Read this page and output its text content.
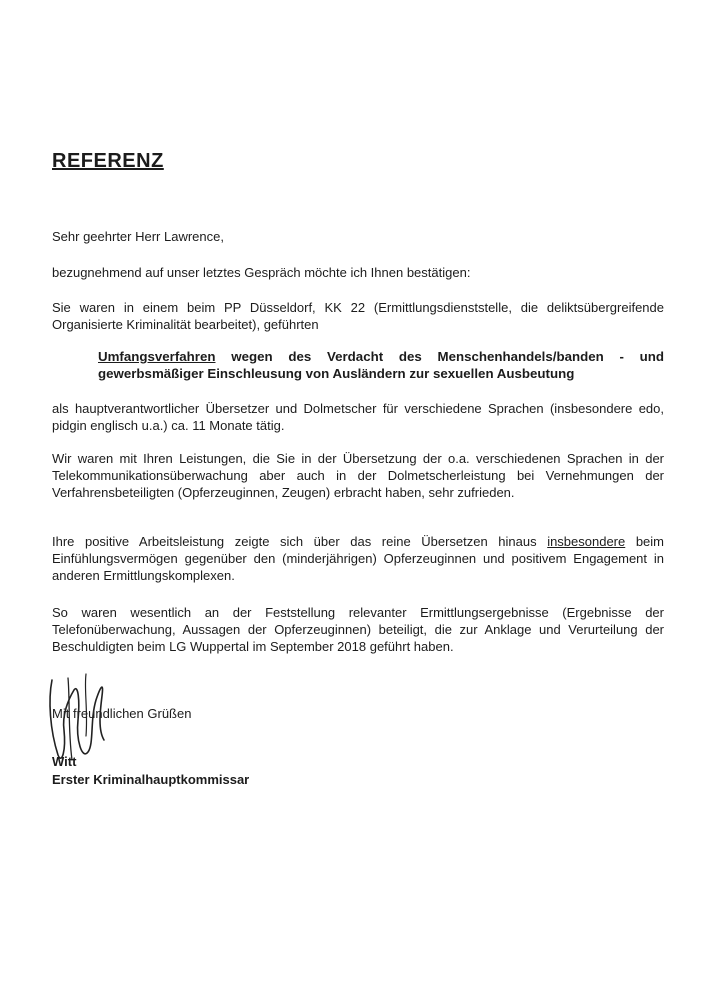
REFERENZ
Sehr geehrter Herr Lawrence,
bezugnehmend auf unser letztes Gespräch möchte ich Ihnen bestätigen:
Sie waren in einem beim PP Düsseldorf, KK 22 (Ermittlungsdienststelle, die deliktsübergreifende Organisierte Kriminalität bearbeitet), geführten
Umfangsverfahren wegen des Verdacht des Menschenhandels/banden - und gewerbsmäßiger Einschleusung von Ausländern zur sexuellen Ausbeutung
als hauptverantwortlicher Übersetzer und Dolmetscher für verschiedene Sprachen (insbesondere edo, pidgin englisch u.a.) ca. 11 Monate tätig.
Wir waren mit Ihren Leistungen, die Sie in der Übersetzung der o.a. verschiedenen Sprachen in der Telekommunikationsüberwachung aber auch in der Dolmetscherleistung bei Vernehmungen der Verfahrensbeteiligten (Opferzeuginnen, Zeugen) erbracht haben, sehr zufrieden.
Ihre positive Arbeitsleistung zeigte sich über das reine Übersetzen hinaus insbesondere beim Einfühlungsvermögen gegenüber den (minderjährigen) Opferzeuginnen und positivem Engagement in anderen Ermittlungskomplexen.
So waren wesentlich an der Feststellung relevanter Ermittlungsergebnisse (Ergebnisse der Telefonüberwachung, Aussagen der Opferzeuginnen) beteiligt, die zur Anklage und Verurteilung der Beschuldigten beim LG Wuppertal im September 2018 geführt haben.
Mit freundlichen Grüßen
Witt
Erster Kriminalhauptkommissar
